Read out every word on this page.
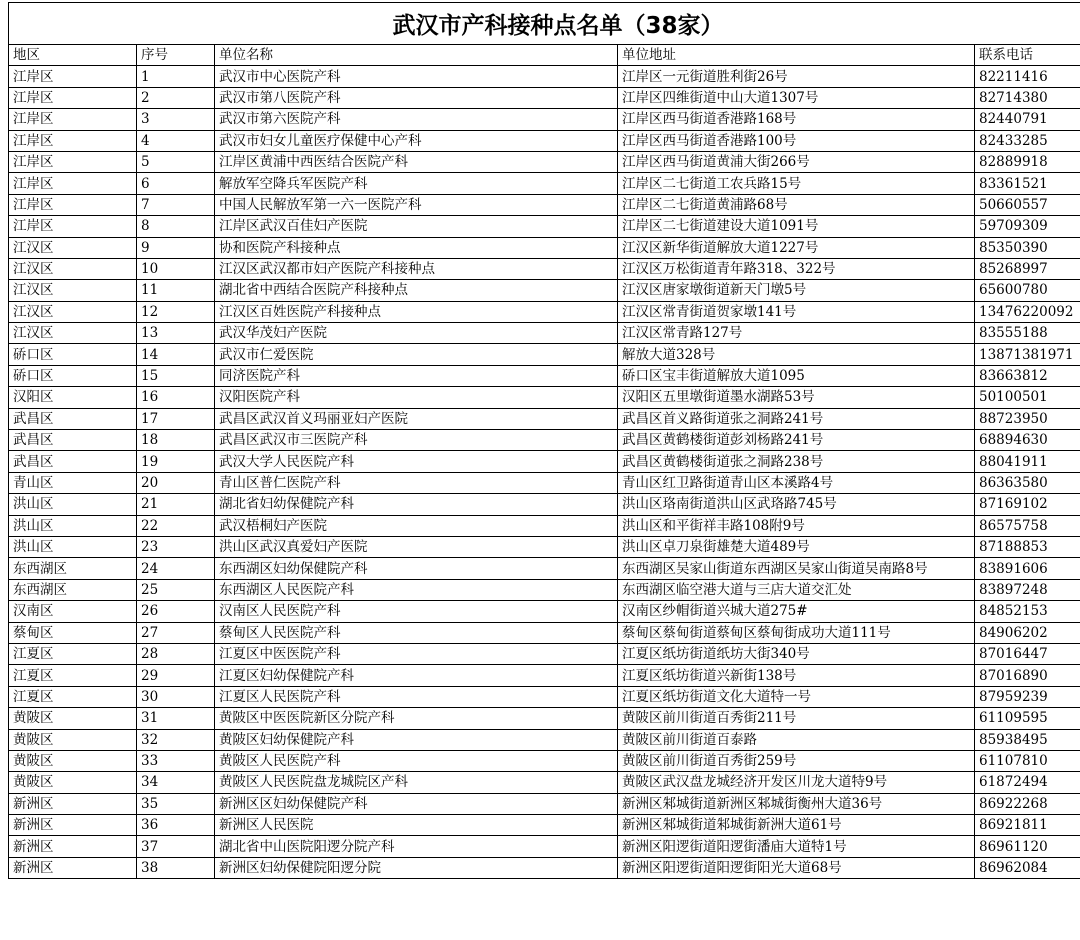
武汉市产科接种点名单（38家）
地区	序号	单位名称	单位地址	联系电话
江岸区	1	武汉市中心医院产科	江岸区一元街道胜利街26号	82211416
江岸区	2	武汉市第八医院产科	江岸区四维街道中山大道1307号	82714380
江岸区	3	武汉市第六医院产科	江岸区西马街道香港路168号	82440791
江岸区	4	武汉市妇女儿童医疗保健中心产科	江岸区西马街道香港路100号	82433285
江岸区	5	江岸区黄浦中西医结合医院产科	江岸区西马街道黄浦大街266号	82889918
江岸区	6	解放军空降兵军医院产科	江岸区二七街道工农兵路15号	83361521
江岸区	7	中国人民解放军第一六一医院产科	江岸区二七街道黄浦路68号	50660557
江岸区	8	江岸区武汉百佳妇产医院	江岸区二七街道建设大道1091号	59709309
江汉区	9	协和医院产科接种点	江汉区新华街道解放大道1227号	85350390
江汉区	10	江汉区武汉都市妇产医院产科接种点	江汉区万松街道青年路318、322号	85268997
江汉区	11	湖北省中西结合医院产科接种点	江汉区唐家墩街道新天门墩5号	65600780
江汉区	12	江汉区百姓医院产科接种点	江汉区常青街道贺家墩141号	13476220092
江汉区	13	武汉华茂妇产医院	江汉区常青路127号	83555188
硚口区	14	武汉市仁爱医院	解放大道328号	13871381971
硚口区	15	同济医院产科	硚口区宝丰街道解放大道1095	83663812
汉阳区	16	汉阳医院产科	汉阳区五里墩街道墨水湖路53号	50100501
武昌区	17	武昌区武汉首义玛丽亚妇产医院	武昌区首义路街道张之洞路241号	88723950
武昌区	18	武昌区武汉市三医院产科	武昌区黄鹤楼街道彭刘杨路241号	68894630
武昌区	19	武汉大学人民医院产科	武昌区黄鹤楼街道张之洞路238号	88041911
青山区	20	青山区普仁医院产科	青山区红卫路街道青山区本溪路4号	86363580
洪山区	21	湖北省妇幼保健院产科	洪山区珞南街道洪山区武珞路745号	87169102
洪山区	22	武汉梧桐妇产医院	洪山区和平街祥丰路108附9号	86575758
洪山区	23	洪山区武汉真爱妇产医院	洪山区卓刀泉街雄楚大道489号	87188853
东西湖区	24	东西湖区妇幼保健院产科	东西湖区吴家山街道东西湖区吴家山街道吴南路8号	83891606
东西湖区	25	东西湖区人民医院产科	东西湖区临空港大道与三店大道交汇处	83897248
汉南区	26	汉南区人民医院产科	汉南区纱帽街道兴城大道275#	84852153
蔡甸区	27	蔡甸区人民医院产科	蔡甸区蔡甸街道蔡甸区蔡甸街成功大道111号	84906202
江夏区	28	江夏区中医医院产科	江夏区纸坊街道纸坊大街340号	87016447
江夏区	29	江夏区妇幼保健院产科	江夏区纸坊街道兴新街138号	87016890
江夏区	30	江夏区人民医院产科	江夏区纸坊街道文化大道特一号	87959239
黄陂区	31	黄陂区中医医院新区分院产科	黄陂区前川街道百秀街211号	61109595
黄陂区	32	黄陂区妇幼保健院产科	黄陂区前川街道百泰路	85938495
黄陂区	33	黄陂区人民医院产科	黄陂区前川街道百秀街259号	61107810
黄陂区	34	黄陂区人民医院盘龙城院区产科	黄陂区武汉盘龙城经济开发区川龙大道特9号	61872494
新洲区	35	新洲区区妇幼保健院产科	新洲区邾城街道新洲区邾城街衡州大道36号	86922268
新洲区	36	新洲区人民医院	新洲区邾城街道邾城街新洲大道61号	86921811
新洲区	37	湖北省中山医院阳逻分院产科	新洲区阳逻街道阳逻街潘庙大道特1号	86961120
新洲区	38	新洲区妇幼保健院阳逻分院	新洲区阳逻街道阳逻街阳光大道68号	86962084
